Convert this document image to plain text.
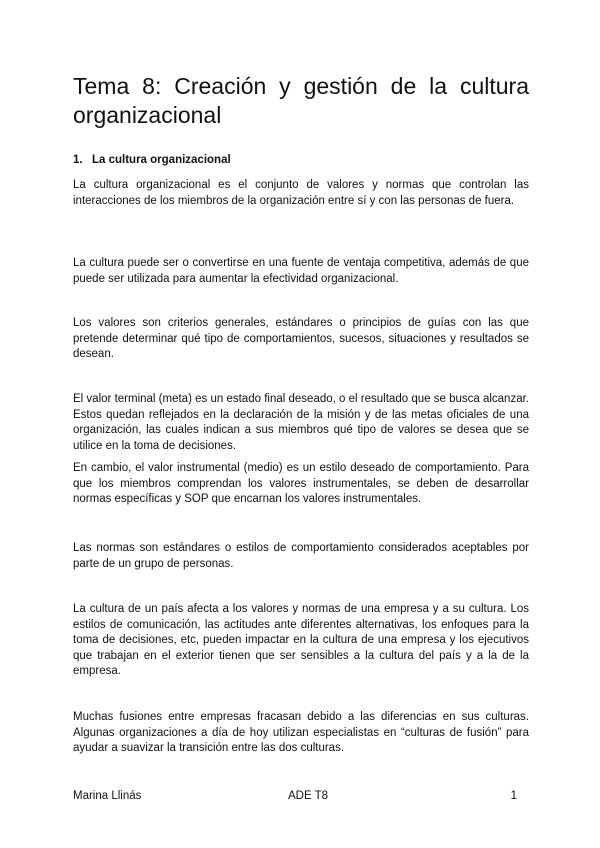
Tema 8: Creación y gestión de la cultura organizacional
1. La cultura organizacional

La cultura organizacional es el conjunto de valores y normas que controlan las interacciones de los miembros de la organización entre sí y con las personas de fuera.

La cultura puede ser o convertirse en una fuente de ventaja competitiva, además de que puede ser utilizada para aumentar la efectividad organizacional.

Los valores son criterios generales, estándares o principios de guías con las que pretende determinar qué tipo de comportamientos, sucesos, situaciones y resultados se desean.

El valor terminal (meta) es un estado final deseado, o el resultado que se busca alcanzar. Estos quedan reflejados en la declaración de la misión y de las metas oficiales de una organización, las cuales indican a sus miembros qué tipo de valores se desea que se utilice en la toma de decisiones.

En cambio, el valor instrumental (medio) es un estilo deseado de comportamiento. Para que los miembros comprendan los valores instrumentales, se deben de desarrollar normas específicas y SOP que encarnan los valores instrumentales.

Las normas son estándares o estilos de comportamiento considerados aceptables por parte de un grupo de personas.

La cultura de un país afecta a los valores y normas de una empresa y a su cultura. Los estilos de comunicación, las actitudes ante diferentes alternativas, los enfoques para la toma de decisiones, etc, pueden impactar en la cultura de una empresa y los ejecutivos que trabajan en el exterior tienen que ser sensibles a la cultura del país y a la de la empresa.

Muchas fusiones entre empresas fracasan debido a las diferencias en sus culturas. Algunas organizaciones a día de hoy utilizan especialistas en “culturas de fusión” para ayudar a suavizar la transición entre las dos culturas.

Marina Llinás	ADE T8	1
